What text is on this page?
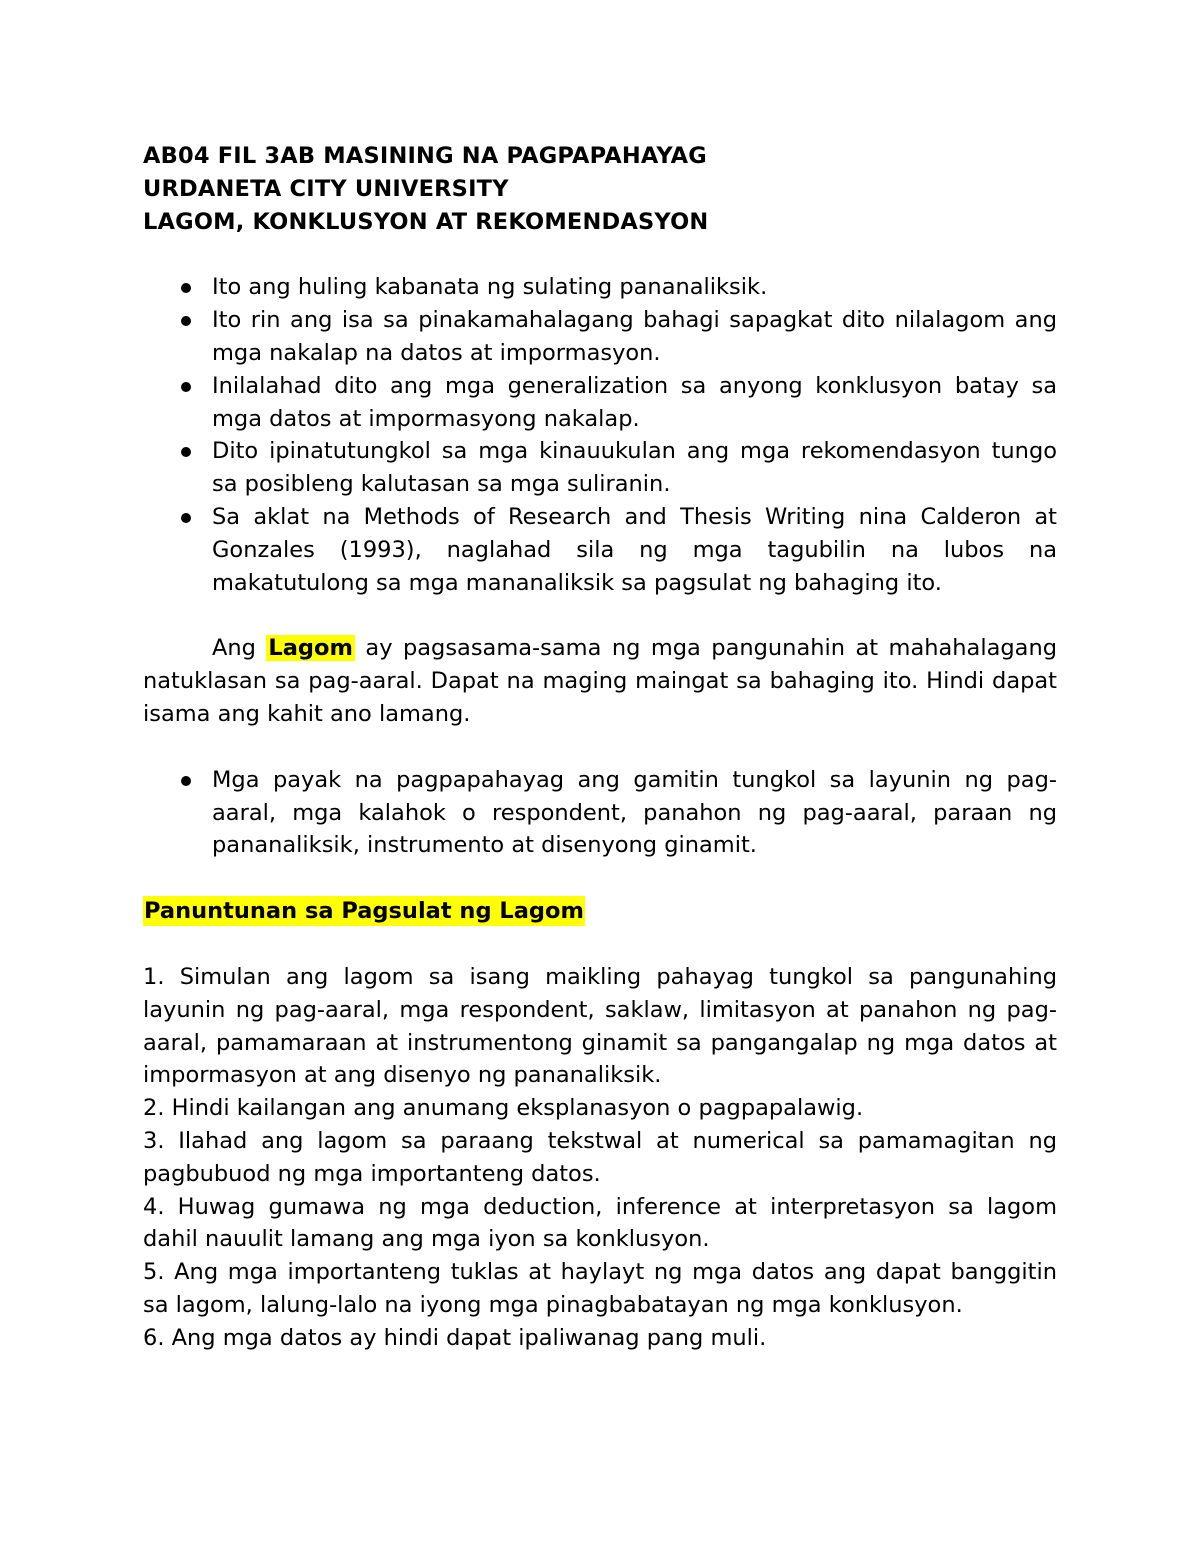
AB04 FIL 3AB MASINING NA PAGPAPAHAYAG

URDANETA CITY UNIVERSITY

LAGOM, KONKLUSYON AT REKOMENDASYON

Ito ang huling kabanata ng sulating pananaliksik.
Ito rin ang isa sa pinakamahalagang bahagi sapagkat dito nilalagom ang mga nakalap na datos at impormasyon.
Inilalahad dito ang mga generalization sa anyong konklusyon batay sa mga datos at impormasyong nakalap.
Dito ipinatutungkol sa mga kinauukulan ang mga rekomendasyon tungo sa posibleng kalutasan sa mga suliranin.
Sa aklat na Methods of Research and Thesis Writing nina Calderon at Gonzales (1993), naglahad sila ng mga tagubilin na lubos na makatutulong sa mga mananaliksik sa pagsulat ng bahaging ito.

Ang Lagom ay pagsasama-sama ng mga pangunahin at mahahalagang natuklasan sa pag-aaral. Dapat na maging maingat sa bahaging ito. Hindi dapat isama ang kahit ano lamang.

Mga payak na pagpapahayag ang gamitin tungkol sa layunin ng pag-aaral, mga kalahok o respondent, panahon ng pag-aaral, paraan ng pananaliksik, instrumento at disenyong ginamit.

Panuntunan sa Pagsulat ng Lagom

1. Simulan ang lagom sa isang maikling pahayag tungkol sa pangunahing layunin ng pag-aaral, mga respondent, saklaw, limitasyon at panahon ng pag-aaral, pamamaraan at instrumentong ginamit sa pangangalap ng mga datos at impormasyon at ang disenyo ng pananaliksik.
2. Hindi kailangan ang anumang eksplanasyon o pagpapalawig.
3. Ilahad ang lagom sa paraang tekstwal at numerical sa pamamagitan ng pagbubuod ng mga importanteng datos.
4. Huwag gumawa ng mga deduction, inference at interpretasyon sa lagom dahil nauulit lamang ang mga iyon sa konklusyon.
5. Ang mga importanteng tuklas at haylayt ng mga datos ang dapat banggitin sa lagom, lalung-lalo na iyong mga pinagbabatayan ng mga konklusyon.
6. Ang mga datos ay hindi dapat ipaliwanag pang muli.
